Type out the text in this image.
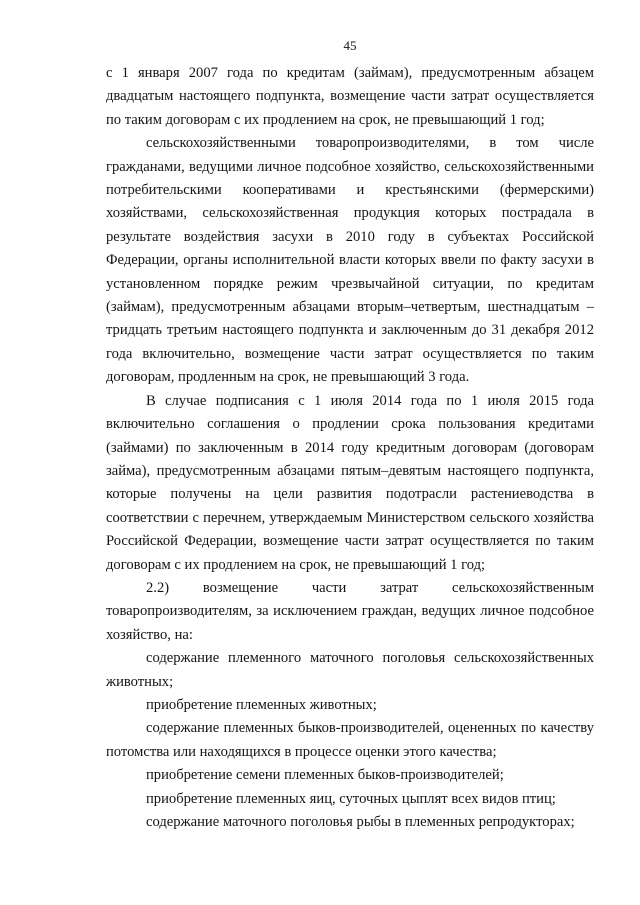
45

с 1 января 2007 года по кредитам (займам), предусмотренным абзацем двадцатым настоящего подпункта, возмещение части затрат осуществляется по таким договорам с их продлением на срок, не превышающий 1 год;

сельскохозяйственными товаропроизводителями, в том числе гражданами, ведущими личное подсобное хозяйство, сельскохозяйственными потребительскими кооперативами и крестьянскими (фермерскими) хозяйствами, сельскохозяйственная продукция которых пострадала в результате воздействия засухи в 2010 году в субъектах Российской Федерации, органы исполнительной власти которых ввели по факту засухи в установленном порядке режим чрезвычайной ситуации, по кредитам (займам), предусмотренным абзацами вторым–четвертым, шестнадцатым – тридцать третьим настоящего подпункта и заключенным до 31 декабря 2012 года включительно, возмещение части затрат осуществляется по таким договорам, продленным на срок, не превышающий 3 года.

В случае подписания с 1 июля 2014 года по 1 июля 2015 года включительно соглашения о продлении срока пользования кредитами (займами) по заключенным в 2014 году кредитным договорам (договорам займа), предусмотренным абзацами пятым–девятым настоящего подпункта, которые получены на цели развития подотрасли растениеводства в соответствии с перечнем, утверждаемым Министерством сельского хозяйства Российской Федерации, возмещение части затрат осуществляется по таким договорам с их продлением на срок, не превышающий 1 год;

2.2) возмещение части затрат сельскохозяйственным товаропроизводителям, за исключением граждан, ведущих личное подсобное хозяйство, на:

содержание племенного маточного поголовья сельскохозяйственных животных;

приобретение племенных животных;

содержание племенных быков-производителей, оцененных по качеству потомства или находящихся в процессе оценки этого качества;

приобретение семени племенных быков-производителей;

приобретение племенных яиц, суточных цыплят всех видов птиц;

содержание маточного поголовья рыбы в племенных репродукторах;
